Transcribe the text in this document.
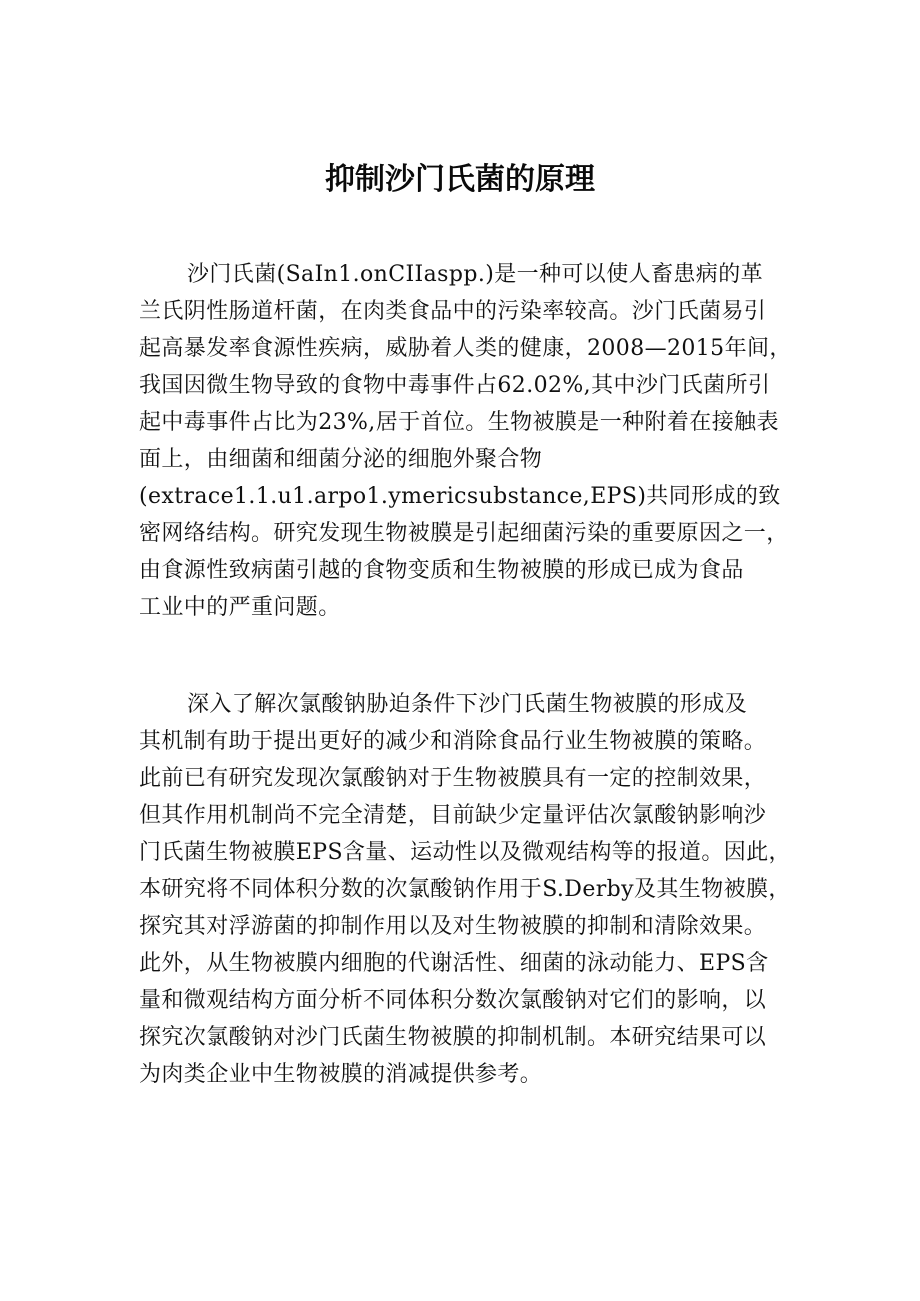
抑制沙门氏菌的原理
沙门氏菌(SaIn1.onCIIaspp.)是一种可以使人畜患病的革
兰氏阴性肠道杆菌，在肉类食品中的污染率较高。沙门氏菌易引
起高暴发率食源性疾病，威胁着人类的健康，2008—2015年间，
我国因微生物导致的食物中毒事件占62.02%,其中沙门氏菌所引
起中毒事件占比为23%,居于首位。生物被膜是一种附着在接触表
面上，由细菌和细菌分泌的细胞外聚合物
(extrace1.1.u1.arpo1.ymericsubstance,EPS)共同形成的致
密网络结构。研究发现生物被膜是引起细菌污染的重要原因之一，
由食源性致病菌引越的食物变质和生物被膜的形成已成为食品
工业中的严重问题。
深入了解次氯酸钠胁迫条件下沙门氏菌生物被膜的形成及
其机制有助于提出更好的减少和消除食品行业生物被膜的策略。
此前已有研究发现次氯酸钠对于生物被膜具有一定的控制效果，
但其作用机制尚不完全清楚，目前缺少定量评估次氯酸钠影响沙
门氏菌生物被膜EPS含量、运动性以及微观结构等的报道。因此，
本研究将不同体积分数的次氯酸钠作用于S.Derby及其生物被膜，
探究其对浮游菌的抑制作用以及对生物被膜的抑制和清除效果。
此外，从生物被膜内细胞的代谢活性、细菌的泳动能力、EPS含
量和微观结构方面分析不同体积分数次氯酸钠对它们的影响，以
探究次氯酸钠对沙门氏菌生物被膜的抑制机制。本研究结果可以
为肉类企业中生物被膜的消减提供参考。
